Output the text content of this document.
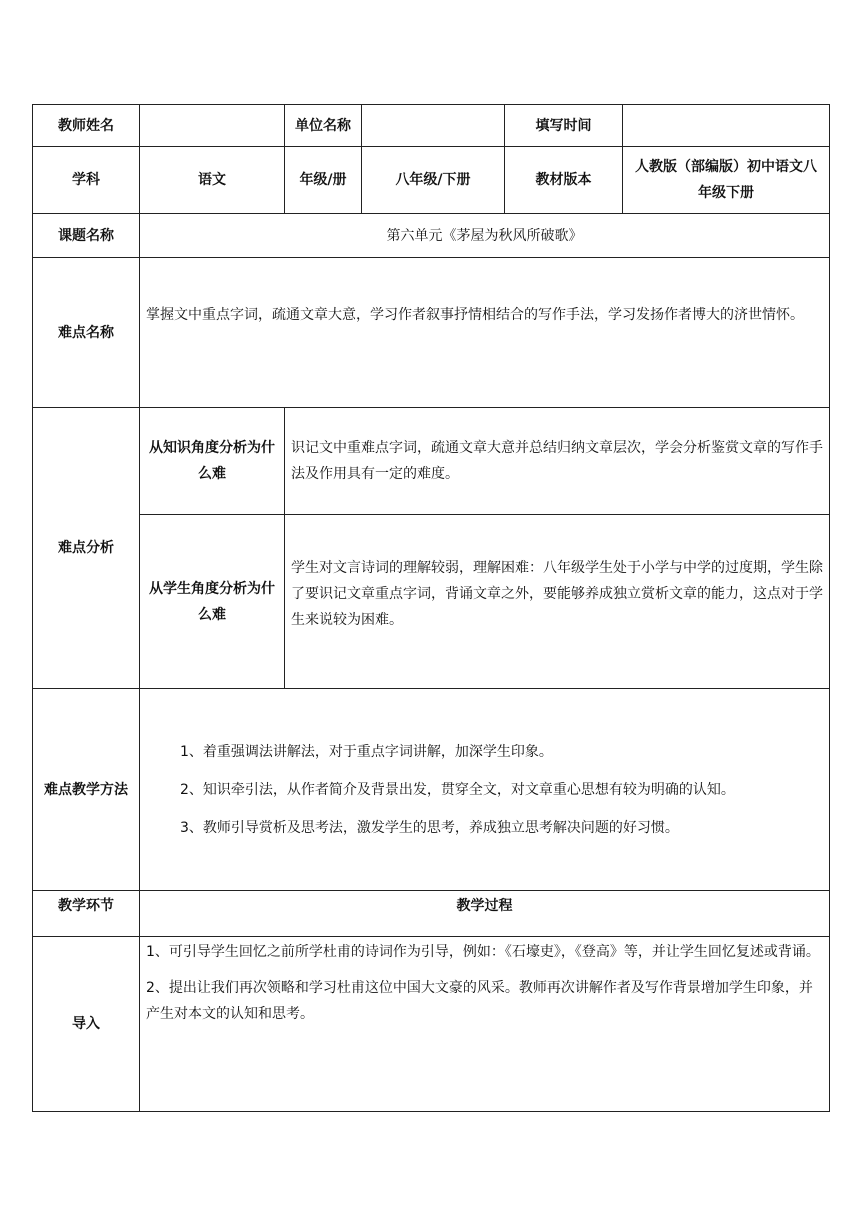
教师姓名		单位名称		填写时间	
学科	语文	年级/册	八年级/下册	教材版本	人教版（部编版）初中语文八年级下册
课题名称	第六单元《茅屋为秋风所破歌》				
难点名称	掌握文中重点字词，疏通文章大意，学习作者叙事抒情相结合的写作手法，学习发扬作者博大的济世情怀。				

难点分析	从知识角度分析为什么难	识记文中重难点字词，疏通文章大意并总结归纳文章层次，学会分析鉴赏文章的写作手法及作用具有一定的难度。			

	从学生角度分析为什么难	学生对文言诗词的理解较弱，理解困难：八年级学生处于小学与中学的过度期，学生除了要识记文章重点字词，背诵文章之外，要能够养成独立赏析文章的能力，这点对于学生来说较为困难。			

难点教学方法	1、着重强调法讲解法，对于重点字词讲解，加深学生印象。

2、知识牵引法，从作者简介及背景出发，贯穿全文，对文章重心思想有较为明确的认知。

3、教师引导赏析及思考法，激发学生的思考，养成独立思考解决问题的好习惯。				

教学环节	教学过程				
导入	1、可引导学生回忆之前所学杜甫的诗词作为引导，例如：《石壕吏》，《登高》等，并让学生回忆复述或背诵。

2、提出让我们再次领略和学习杜甫这位中国大文豪的风采。教师再次讲解作者及写作背景增加学生印象，并产生对本文的认知和思考。				
